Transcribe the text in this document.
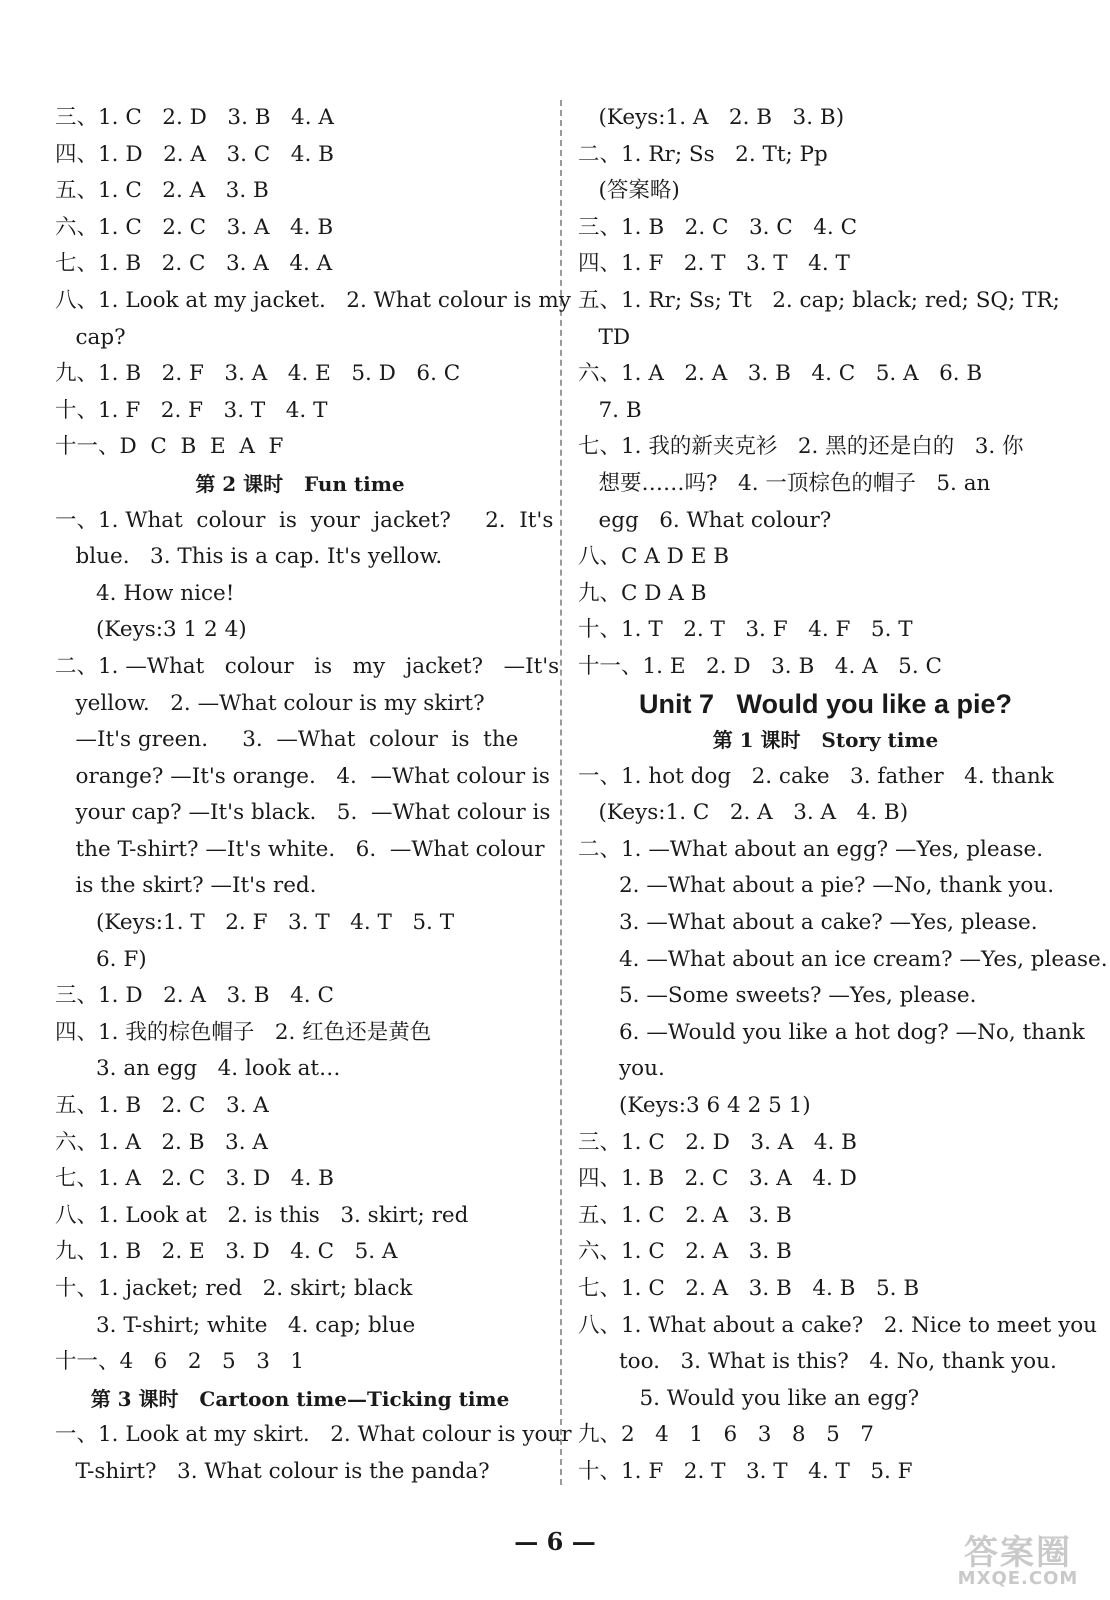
三、1. C   2. D   3. B   4. A
四、1. D   2. A   3. C   4. B
五、1. C   2. A   3. B
六、1. C   2. C   3. A   4. B
七、1. B   2. C   3. A   4. A
八、1. Look at my jacket.   2. What colour is my
cap?
九、1. B   2. F   3. A   4. E   5. D   6. C
十、1. F   2. F   3. T   4. T
十一、D  C  B  E  A  F
第 2 课时   Fun time
一、1. What  colour  is  your  jacket?     2.  It's
blue.   3. This is a cap. It's yellow.
4. How nice!
(Keys:3 1 2 4)
二、1. —What   colour   is   my   jacket?   —It's
yellow.   2. —What colour is my skirt?
—It's green.     3.  —What  colour  is  the
orange? —It's orange.   4.  —What colour is
your cap? —It's black.   5.  —What colour is
the T-shirt? —It's white.   6.  —What colour
is the skirt? —It's red.
(Keys:1. T   2. F   3. T   4. T   5. T
6. F)
三、1. D   2. A   3. B   4. C
四、1. 我的棕色帽子   2. 红色还是黄色
3. an egg   4. look at…
五、1. B   2. C   3. A
六、1. A   2. B   3. A
七、1. A   2. C   3. D   4. B
八、1. Look at   2. is this   3. skirt; red
九、1. B   2. E   3. D   4. C   5. A
十、1. jacket; red   2. skirt; black
3. T-shirt; white   4. cap; blue
十一、4   6   2   5   3   1
第 3 课时   Cartoon time—Ticking time
一、1. Look at my skirt.   2. What colour is your
T-shirt?   3. What colour is the panda?
(Keys:1. A   2. B   3. B)
二、1. Rr; Ss   2. Tt; Pp
(答案略)
三、1. B   2. C   3. C   4. C
四、1. F   2. T   3. T   4. T
五、1. Rr; Ss; Tt   2. cap; black; red; SQ; TR;
TD
六、1. A   2. A   3. B   4. C   5. A   6. B
7. B
七、1. 我的新夹克衫   2. 黑的还是白的   3. 你
想要……吗?   4. 一顶棕色的帽子   5. an
egg   6. What colour?
八、C A D E B
九、C D A B
十、1. T   2. T   3. F   4. F   5. T
十一、1. E   2. D   3. B   4. A   5. C
Unit 7   Would you like a pie?
第 1 课时   Story time
一、1. hot dog   2. cake   3. father   4. thank
(Keys:1. C   2. A   3. A   4. B)
二、1. —What about an egg? —Yes, please.
2. —What about a pie? —No, thank you.
3. —What about a cake? —Yes, please.
4. —What about an ice cream? —Yes, please.
5. —Some sweets? —Yes, please.
6. —Would you like a hot dog? —No, thank
you.
(Keys:3 6 4 2 5 1)
三、1. C   2. D   3. A   4. B
四、1. B   2. C   3. A   4. D
五、1. C   2. A   3. B
六、1. C   2. A   3. B
七、1. C   2. A   3. B   4. B   5. B
八、1. What about a cake?   2. Nice to meet you
too.   3. What is this?   4. No, thank you.
5. Would you like an egg?
九、2   4   1   6   3   8   5   7
十、1. F   2. T   3. T   4. T   5. F
— 6 —	答案圈
MXQE.COM
